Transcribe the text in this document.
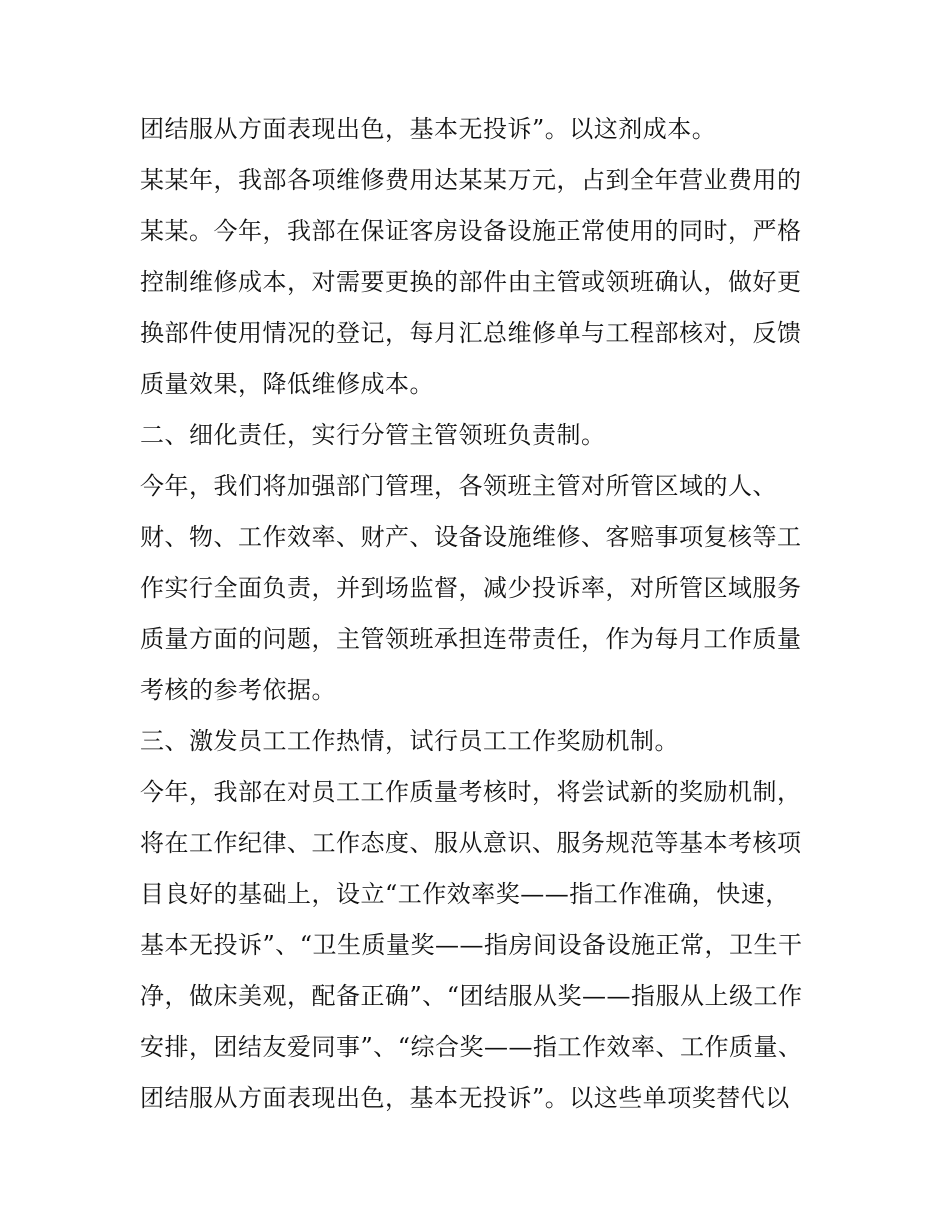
团结服从方面表现出色，基本无投诉”。以这剂成本。
某某年，我部各项维修费用达某某万元，占到全年营业费用的
某某。今年，我部在保证客房设备设施正常使用的同时，严格
控制维修成本，对需要更换的部件由主管或领班确认，做好更
换部件使用情况的登记，每月汇总维修单与工程部核对，反馈
质量效果，降低维修成本。
二、细化责任，实行分管主管领班负责制。
今年，我们将加强部门管理，各领班主管对所管区域的人、
财、物、工作效率、财产、设备设施维修、客赔事项复核等工
作实行全面负责，并到场监督，减少投诉率，对所管区域服务
质量方面的问题，主管领班承担连带责任，作为每月工作质量
考核的参考依据。
三、激发员工工作热情，试行员工工作奖励机制。
今年，我部在对员工工作质量考核时，将尝试新的奖励机制，
将在工作纪律、工作态度、服从意识、服务规范等基本考核项
目良好的基础上，设立“工作效率奖——指工作准确，快速，
基本无投诉”、“卫生质量奖——指房间设备设施正常，卫生干
净，做床美观，配备正确”、“团结服从奖——指服从上级工作
安排，团结友爱同事”、“综合奖——指工作效率、工作质量、
团结服从方面表现出色，基本无投诉”。以这些单项奖替代以
